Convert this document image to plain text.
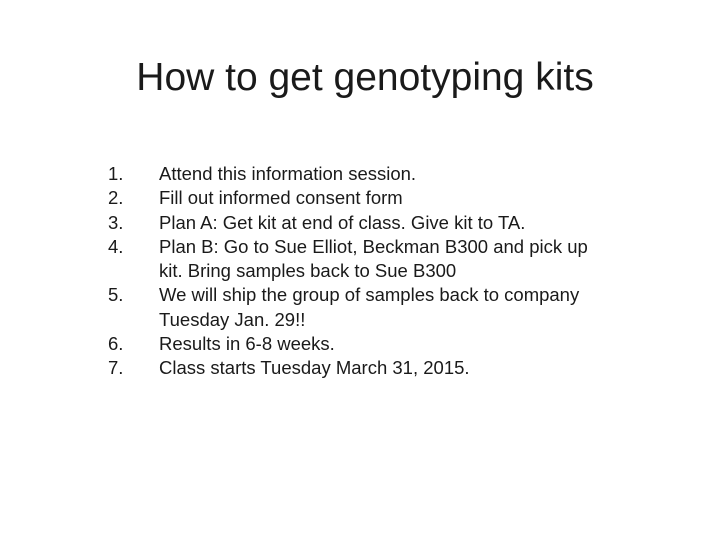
How to get genotyping kits
1.	Attend this information session.
2.	Fill out informed consent form
3.	Plan A: Get kit at end of class. Give kit to TA.
4.	Plan B: Go to Sue Elliot, Beckman B300 and pick up kit. Bring samples back to Sue B300
5.	We will ship the group of samples back to company Tuesday Jan. 29!!
6.	Results in 6-8 weeks.
7.	Class starts Tuesday March 31, 2015.
